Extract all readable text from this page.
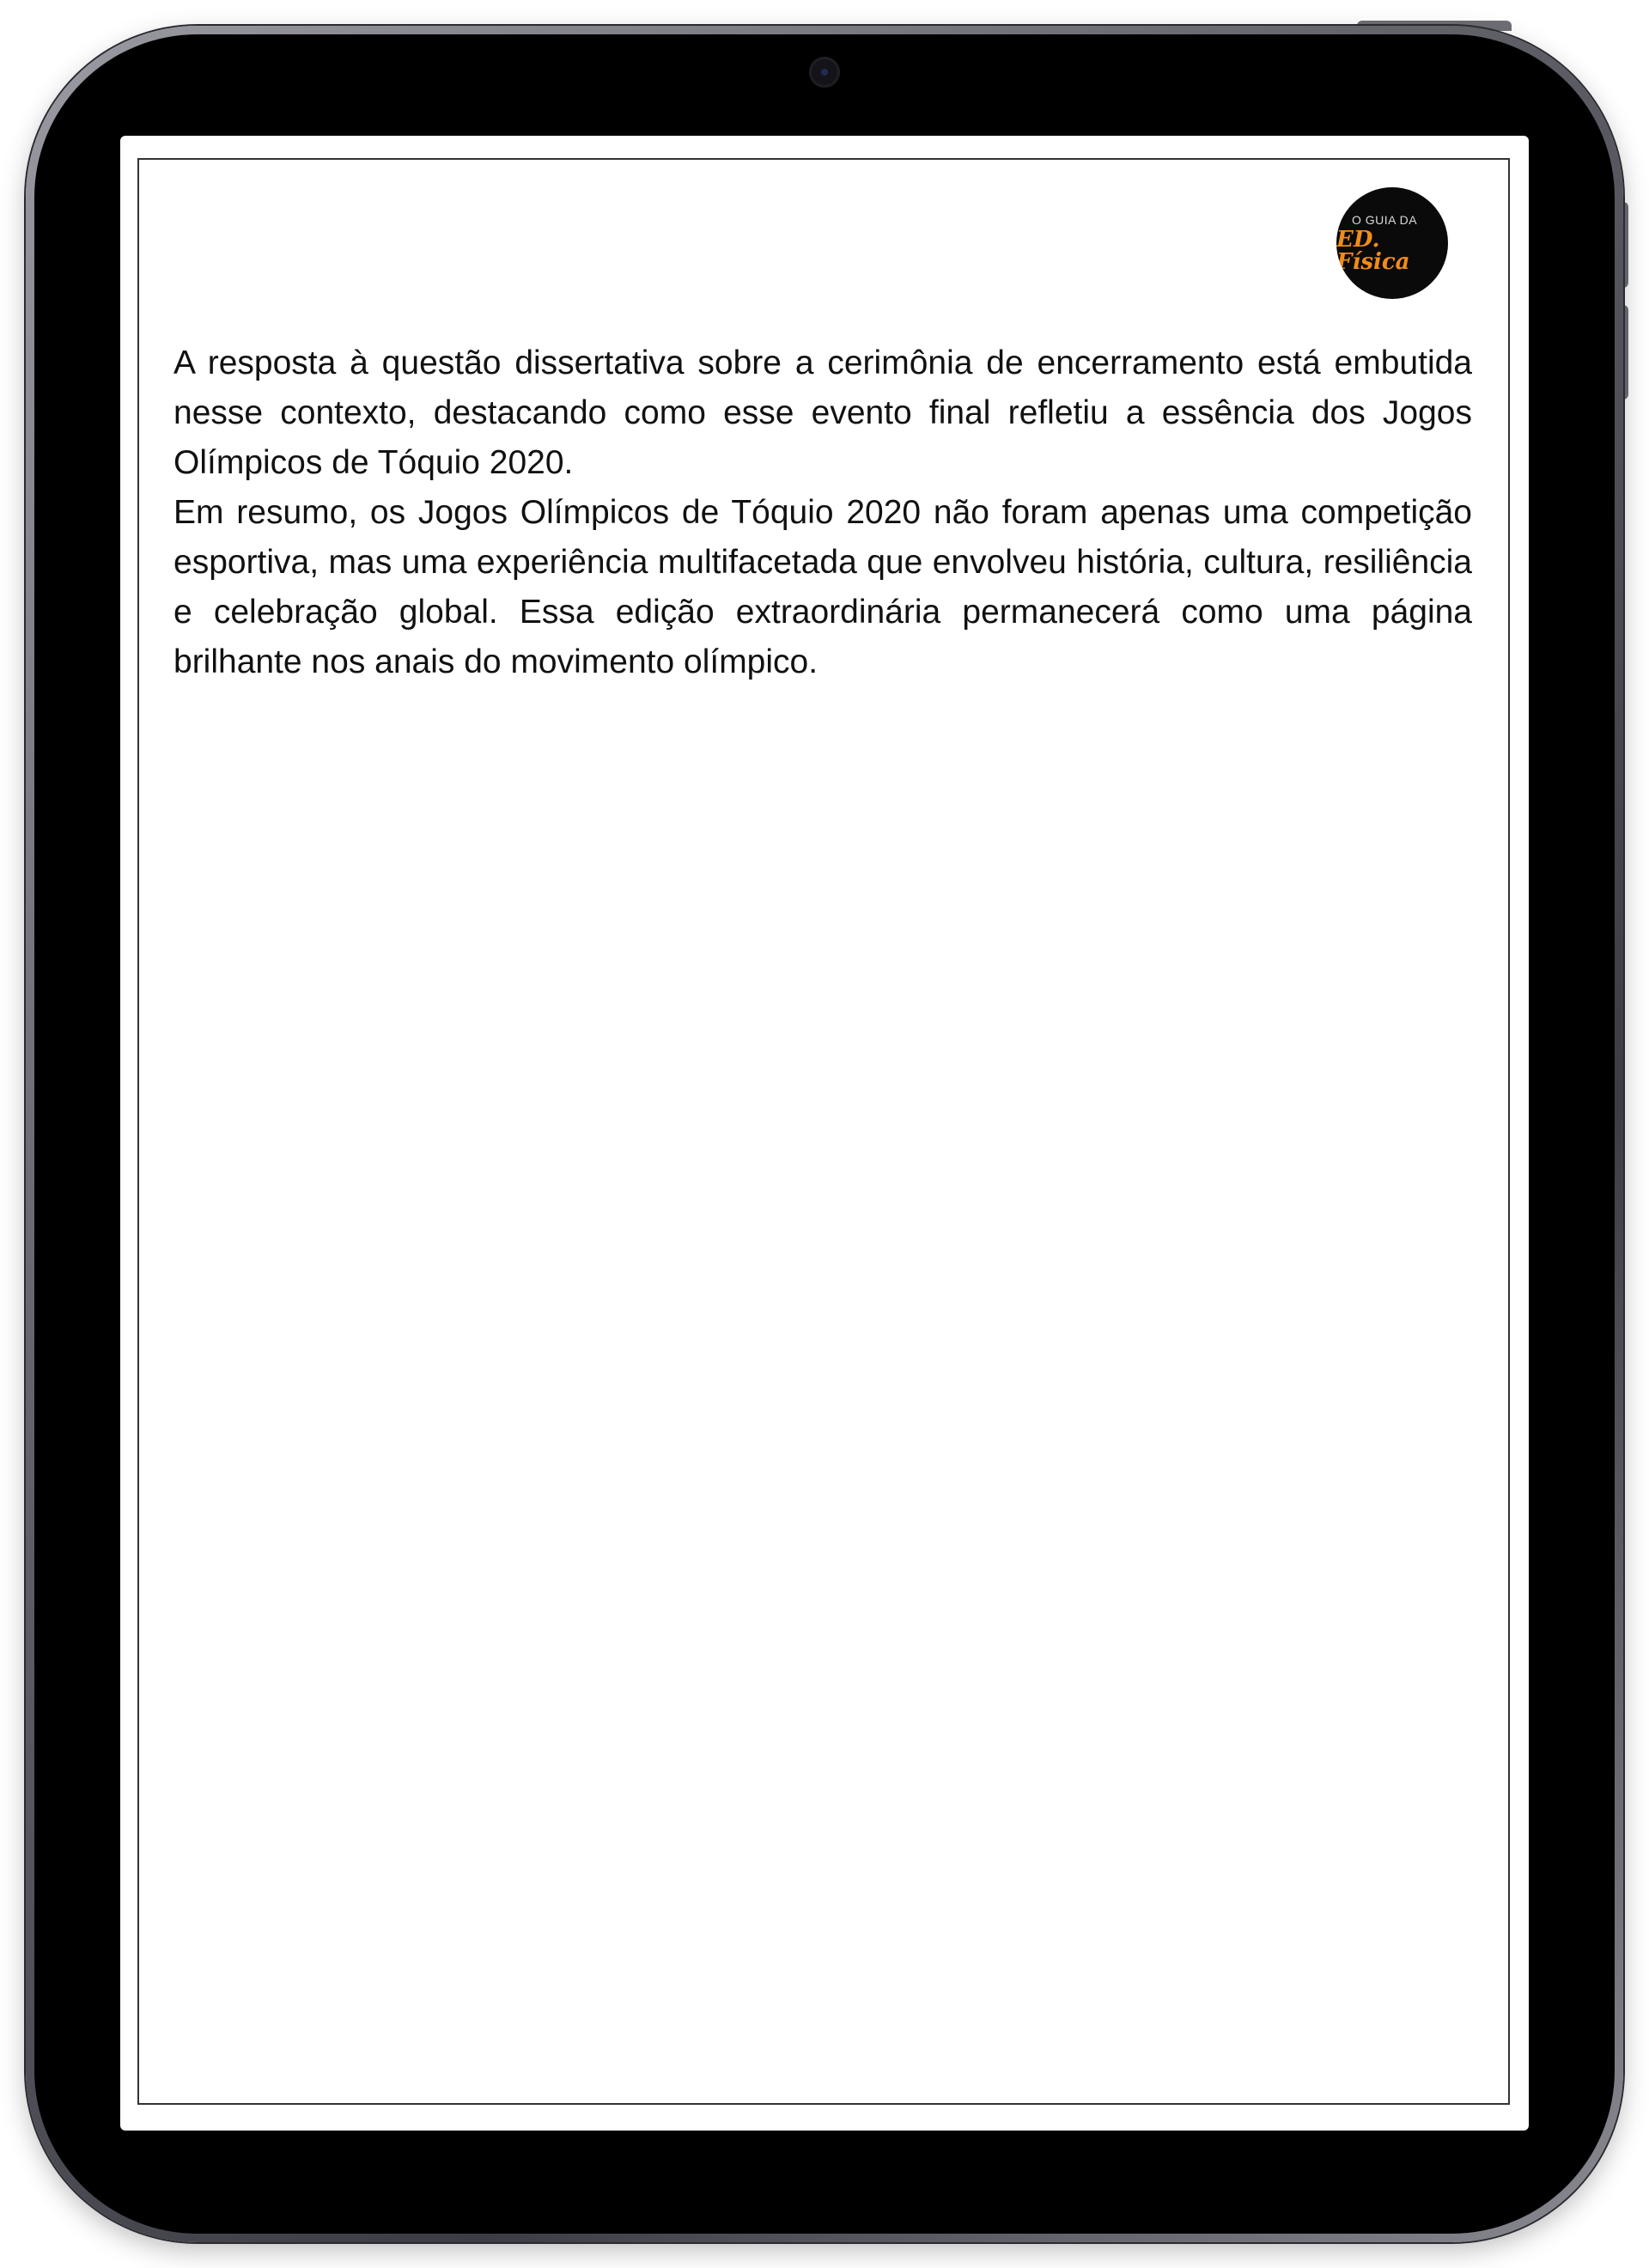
O GUIA DA
ED. Física

A resposta à questão dissertativa sobre a cerimônia de encerramento está embutida nesse contexto, destacando como esse evento final refletiu a essência dos Jogos Olímpicos de Tóquio 2020.

Em resumo, os Jogos Olímpicos de Tóquio 2020 não foram apenas uma competição esportiva, mas uma experiência multifacetada que envolveu história, cultura, resiliência e celebração global. Essa edição extraordinária permanecerá como uma página brilhante nos anais do movimento olímpico.
